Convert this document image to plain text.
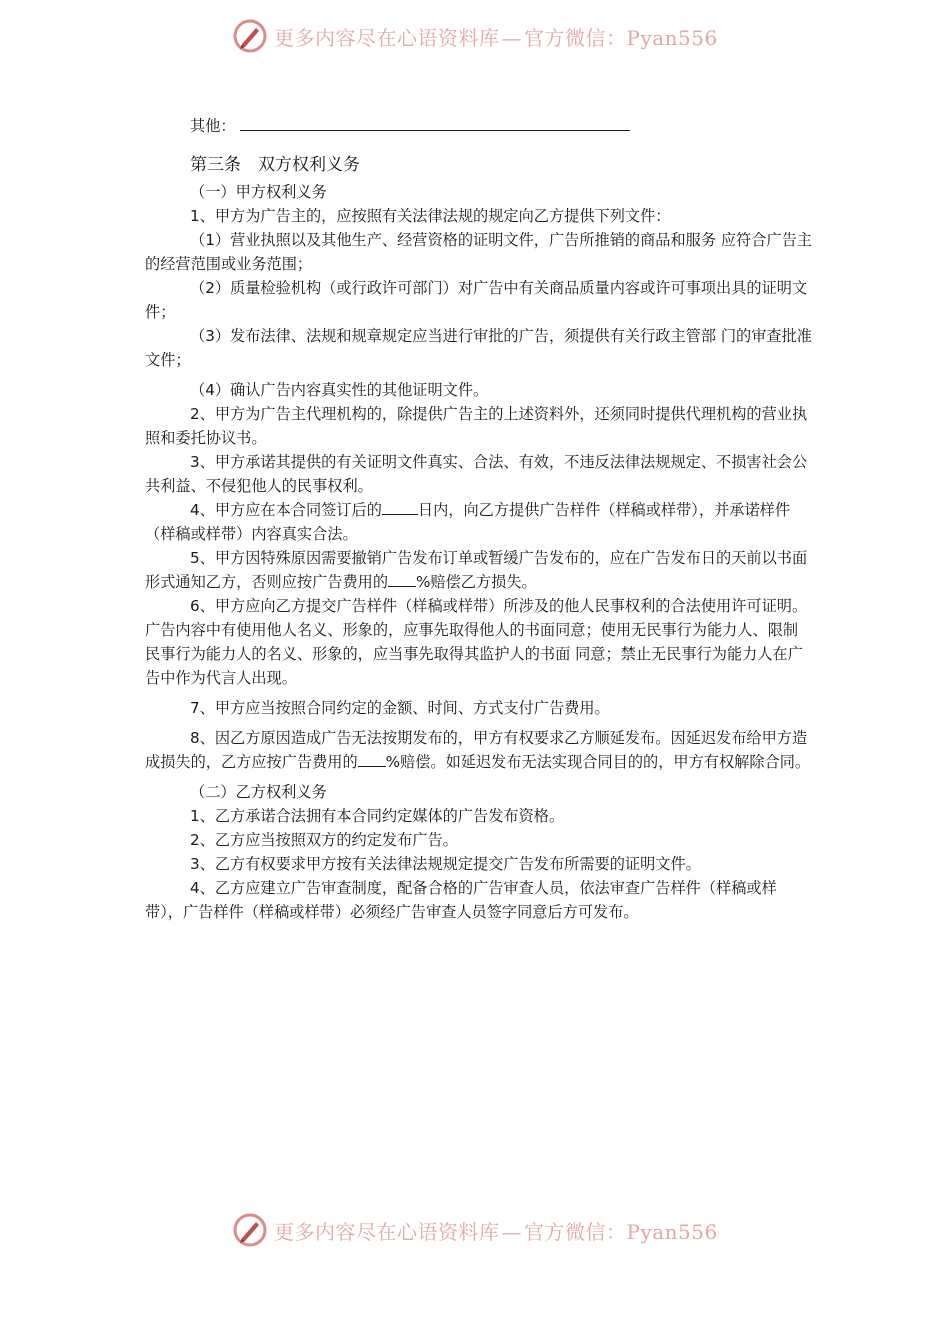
更多内容尽在心语资料库 — 官方微信：Pyan556

其他：

第三条　双方权利义务

（一）甲方权利义务

1、甲方为广告主的，应按照有关法律法规的规定向乙方提供下列文件：

（1）营业执照以及其他生产、经营资格的证明文件，广告所推销的商品和服务 应符合广告主的经营范围或业务范围；

（2）质量检验机构（或行政许可部门）对广告中有关商品质量内容或许可事项出具的证明文件；

（3）发布法律、法规和规章规定应当进行审批的广告，须提供有关行政主管部 门的审查批准文件；

（4）确认广告内容真实性的其他证明文件。

2、甲方为广告主代理机构的，除提供广告主的上述资料外，还须同时提供代理机构的营业执照和委托协议书。

3、甲方承诺其提供的有关证明文件真实、合法、有效，不违反法律法规规定、不损害社会公共利益、不侵犯他人的民事权利。

4、甲方应在本合同签订后的 日内，向乙方提供广告样件（样稿或样带），并承诺样件（样稿或样带）内容真实合法。

5、甲方因特殊原因需要撤销广告发布订单或暂缓广告发布的，应在广告发布日的天前以书面形式通知乙方，否则应按广告费用的 %赔偿乙方损失。

6、甲方应向乙方提交广告样件（样稿或样带）所涉及的他人民事权利的合法使用许可证明。广告内容中有使用他人名义、形象的，应事先取得他人的书面同意；使用无民事行为能力人、限制民事行为能力人的名义、形象的，应当事先取得其监护人的书面 同意；禁止无民事行为能力人在广告中作为代言人出现。

7、甲方应当按照合同约定的金额、时间、方式支付广告费用。

8、因乙方原因造成广告无法按期发布的，甲方有权要求乙方顺延发布。因延迟发布给甲方造成损失的，乙方应按广告费用的 %赔偿。如延迟发布无法实现合同目的的，甲方有权解除合同。

（二）乙方权利义务

1、乙方承诺合法拥有本合同约定媒体的广告发布资格。

2、乙方应当按照双方的约定发布广告。

3、乙方有权要求甲方按有关法律法规规定提交广告发布所需要的证明文件。

4、乙方应建立广告审查制度，配备合格的广告审查人员，依法审查广告样件（样稿或样带），广告样件（样稿或样带）必须经广告审查人员签字同意后方可发布。

更多内容尽在心语资料库 — 官方微信：Pyan556
